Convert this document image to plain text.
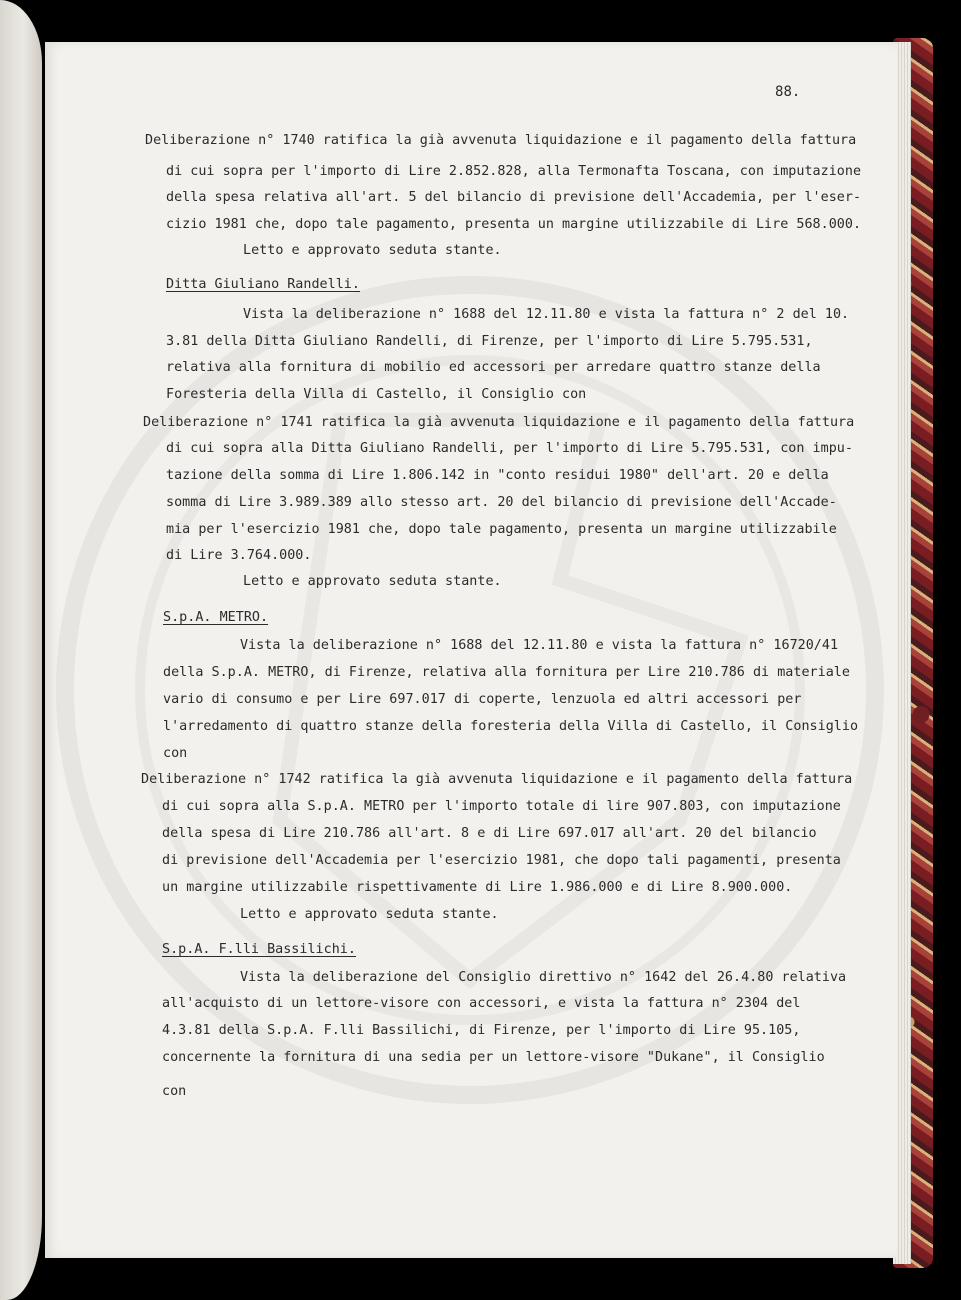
88.
Deliberazione n° 1740 ratifica la già avvenuta liquidazione e il pagamento della fattura
di cui sopra per l'importo di Lire 2.852.828, alla Termonafta Toscana, con imputazione
della spesa relativa all'art. 5 del bilancio di previsione dell'Accademia, per l'eser-
cizio 1981 che, dopo tale pagamento, presenta un margine utilizzabile di Lire 568.000.
Letto e approvato seduta stante.
Ditta Giuliano Randelli.
Vista la deliberazione n° 1688 del 12.11.80 e vista la fattura n° 2 del 10.
3.81 della Ditta Giuliano Randelli, di Firenze, per l'importo di Lire 5.795.531,
relativa alla fornitura di mobilio ed accessori per arredare quattro stanze della
Foresteria della Villa di Castello, il Consiglio con
Deliberazione n° 1741 ratifica la già avvenuta liquidazione e il pagamento della fattura
di cui sopra alla Ditta Giuliano Randelli, per l'importo di Lire 5.795.531, con impu-
tazione della somma di Lire 1.806.142 in "conto residui 1980" dell'art. 20 e della
somma di Lire 3.989.389 allo stesso art. 20 del bilancio di previsione dell'Accade-
mia per l'esercizio 1981 che, dopo tale pagamento, presenta un margine utilizzabile
di Lire 3.764.000.
Letto e approvato seduta stante.
S.p.A. METRO.
Vista la deliberazione n° 1688 del 12.11.80 e vista la fattura n° 16720/41
della S.p.A. METRO, di Firenze, relativa alla fornitura per Lire 210.786 di materiale
vario di consumo e per Lire 697.017 di coperte, lenzuola ed altri accessori per
l'arredamento di quattro stanze della foresteria della Villa di Castello, il Consiglio
con
Deliberazione n° 1742 ratifica la già avvenuta liquidazione e il pagamento della fattura
di cui sopra alla S.p.A. METRO per l'importo totale di lire 907.803, con imputazione
della spesa di Lire 210.786 all'art. 8 e di Lire 697.017 all'art. 20 del bilancio
di previsione dell'Accademia per l'esercizio 1981, che dopo tali pagamenti, presenta
un margine utilizzabile rispettivamente di Lire 1.986.000 e di Lire 8.900.000.
Letto e approvato seduta stante.
S.p.A. F.lli Bassilichi.
Vista la deliberazione del Consiglio direttivo n° 1642 del 26.4.80 relativa
all'acquisto di un lettore-visore con accessori, e vista la fattura n° 2304 del
4.3.81 della S.p.A. F.lli Bassilichi, di Firenze, per l'importo di Lire 95.105,
concernente la fornitura di una sedia per un lettore-visore "Dukane", il Consiglio
con
